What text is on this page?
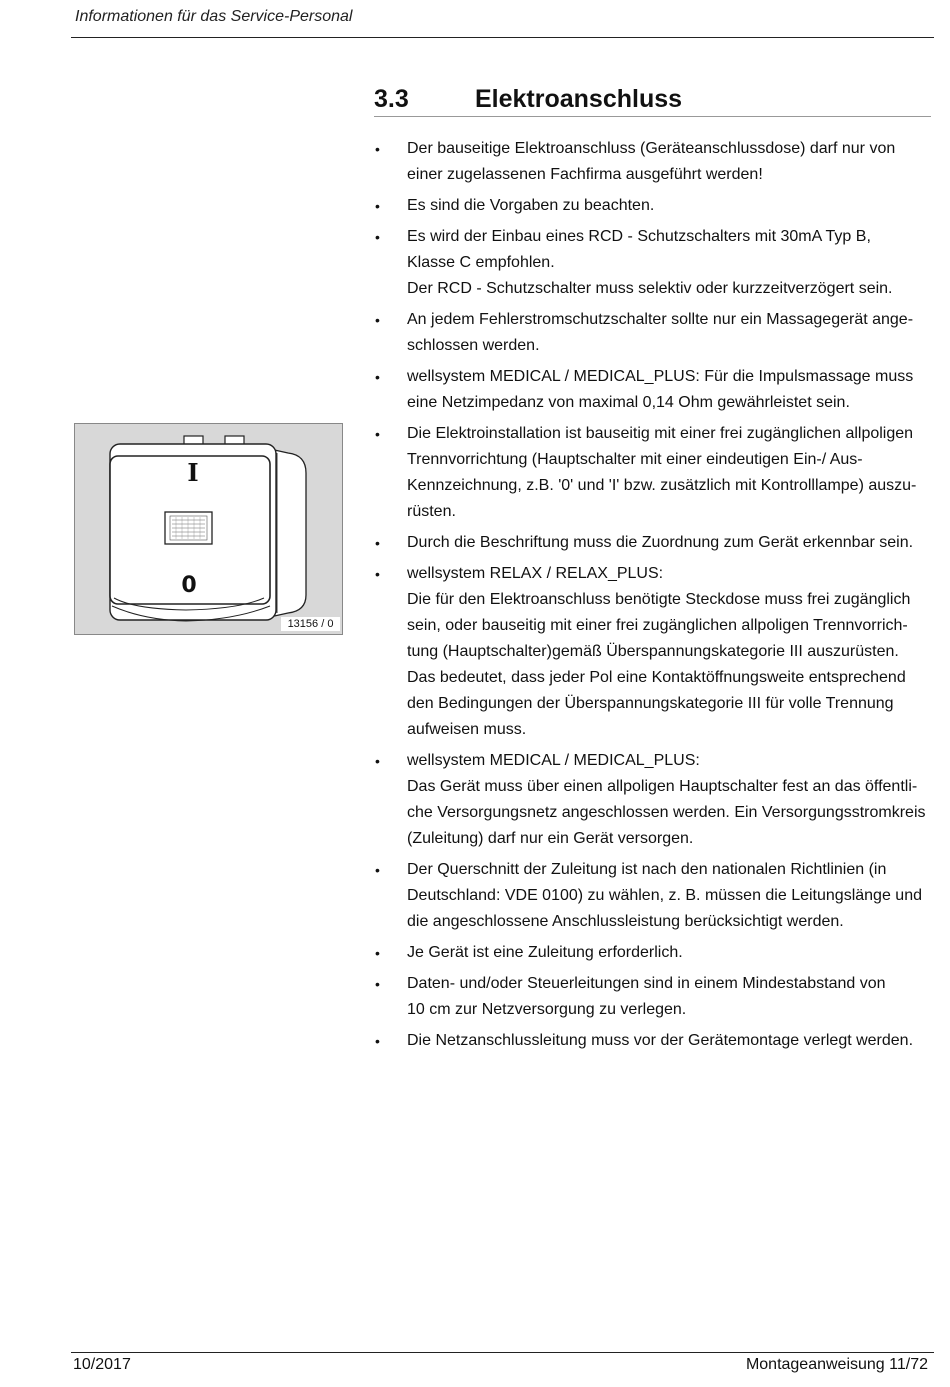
Informationen für das Service-Personal
3.3	Elektroanschluss
I
0
13156 / 0
•	Der bauseitige Elektroanschluss (Geräteanschlussdose) darf nur von
einer zugelassenen Fachfirma ausgeführt werden!
•	Es sind die Vorgaben zu beachten.
•	Es wird der Einbau eines RCD - Schutzschalters mit 30mA Typ B,
Klasse C empfohlen.
Der RCD - Schutzschalter muss selektiv oder kurzzeitverzögert sein.
•	An jedem Fehlerstromschutzschalter sollte nur ein Massagegerät ange-
schlossen werden.
•	wellsystem MEDICAL / MEDICAL_PLUS: Für die Impulsmassage muss
eine Netzimpedanz von maximal 0,14 Ohm gewährleistet sein.
•	Die Elektroinstallation ist bauseitig mit einer frei zugänglichen allpoligen
Trennvorrichtung (Hauptschalter mit einer eindeutigen Ein-/ Aus-
Kennzeichnung, z.B. '0' und 'I' bzw. zusätzlich mit Kontrolllampe) auszu-
rüsten.
•	Durch die Beschriftung muss die Zuordnung zum Gerät erkennbar sein.
•	wellsystem RELAX / RELAX_PLUS:
Die für den Elektroanschluss benötigte Steckdose muss frei zugänglich
sein, oder bauseitig mit einer frei zugänglichen allpoligen Trennvorrich-
tung (Hauptschalter)gemäß Überspannungskategorie III auszurüsten.
Das bedeutet, dass jeder Pol eine Kontaktöffnungsweite entsprechend
den Bedingungen der Überspannungskategorie III für volle Trennung
aufweisen muss.
•	wellsystem MEDICAL / MEDICAL_PLUS:
Das Gerät muss über einen allpoligen Hauptschalter fest an das öffentli-
che Versorgungsnetz angeschlossen werden. Ein Versorgungsstromkreis
(Zuleitung) darf nur ein Gerät versorgen.
•	Der Querschnitt der Zuleitung ist nach den nationalen Richtlinien (in
Deutschland: VDE 0100) zu wählen, z. B. müssen die Leitungslänge und
die angeschlossene Anschlussleistung berücksichtigt werden.
•	Je Gerät ist eine Zuleitung erforderlich.
•	Daten- und/oder Steuerleitungen sind in einem Mindestabstand von
10 cm zur Netzversorgung zu verlegen.
•	Die Netzanschlussleitung muss vor der Gerätemontage verlegt werden.
10/2017	Montageanweisung 11/72
